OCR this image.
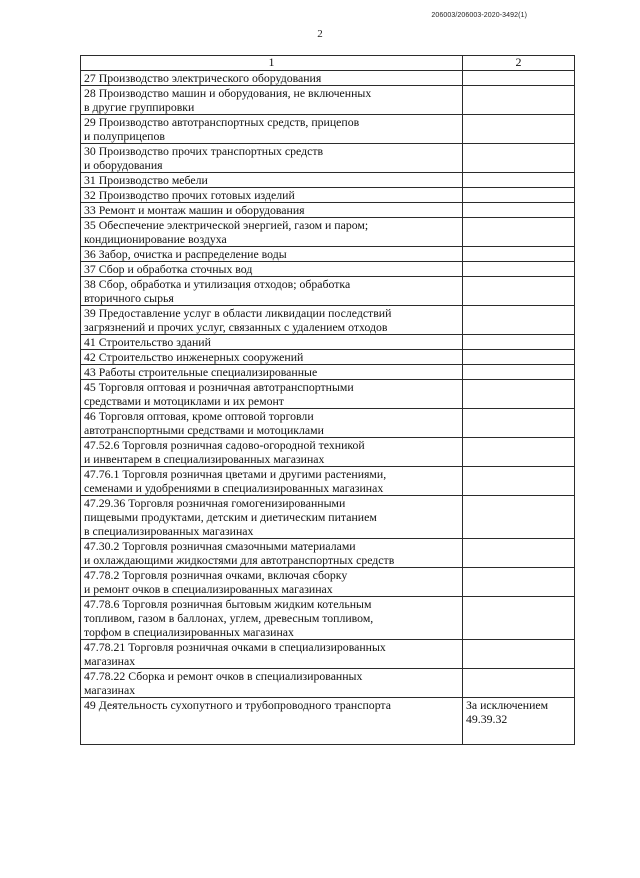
206003/206003-2020-3492(1)
2
1	2
27 Производство электрического оборудования	
28 Производство машин и оборудования, не включенных
в другие группировки	
29 Производство автотранспортных средств, прицепов
и полуприцепов	
30 Производство прочих транспортных средств
и оборудования	
31 Производство мебели	
32 Производство прочих готовых изделий	
33 Ремонт и монтаж машин и оборудования	
35 Обеспечение электрической энергией, газом и паром;
кондиционирование воздуха	
36 Забор, очистка и распределение воды	
37 Сбор и обработка сточных вод	
38 Сбор, обработка и утилизация отходов; обработка
вторичного сырья	
39 Предоставление услуг в области ликвидации последствий
загрязнений и прочих услуг, связанных с удалением отходов	
41 Строительство зданий	
42 Строительство инженерных сооружений	
43 Работы строительные специализированные	
45 Торговля оптовая и розничная автотранспортными
средствами и мотоциклами и их ремонт	
46 Торговля оптовая, кроме оптовой торговли
автотранспортными средствами и мотоциклами	
47.52.6 Торговля розничная садово-огородной техникой
и инвентарем в специализированных магазинах	
47.76.1 Торговля розничная цветами и другими растениями,
семенами и удобрениями в специализированных магазинах	
47.29.36 Торговля розничная гомогенизированными
пищевыми продуктами, детским и диетическим питанием
в специализированных магазинах	
47.30.2 Торговля розничная смазочными материалами
и охлаждающими жидкостями для автотранспортных средств	
47.78.2 Торговля розничная очками, включая сборку
и ремонт очков в специализированных магазинах	
47.78.6 Торговля розничная бытовым жидким котельным
топливом, газом в баллонах, углем, древесным топливом,
торфом в специализированных магазинах	
47.78.21 Торговля розничная очками в специализированных
магазинах	
47.78.22 Сборка и ремонт очков в специализированных
магазинах	
49 Деятельность сухопутного и трубопроводного транспорта	За исключением
49.39.32
